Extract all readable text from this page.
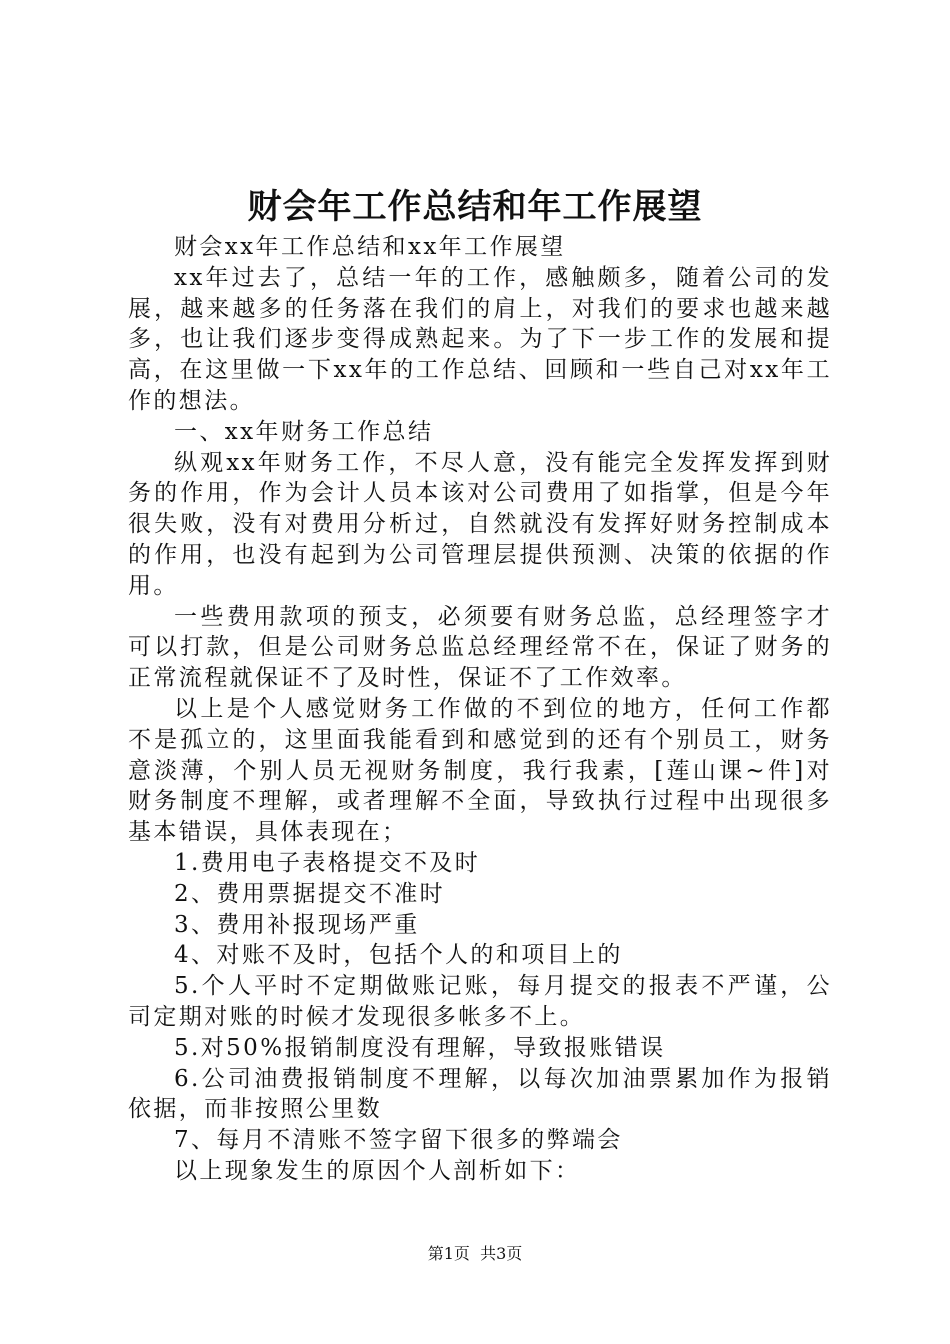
财会年工作总结和年工作展望

财会xx年工作总结和xx年工作展望

xx年过去了，总结一年的工作，感触颇多，随着公司的发展，越来越多的任务落在我们的肩上，对我们的要求也越来越多，也让我们逐步变得成熟起来。为了下一步工作的发展和提高，在这里做一下xx年的工作总结、回顾和一些自己对xx年工作的想法。

一、xx年财务工作总结

纵观xx年财务工作，不尽人意，没有能完全发挥发挥到财务的作用，作为会计人员本该对公司费用了如指掌，但是今年很失败，没有对费用分析过，自然就没有发挥好财务控制成本的作用，也没有起到为公司管理层提供预测、决策的依据的作用。

一些费用款项的预支，必须要有财务总监，总经理签字才可以打款，但是公司财务总监总经理经常不在，保证了财务的正常流程就保证不了及时性，保证不了工作效率。

以上是个人感觉财务工作做的不到位的地方，任何工作都不是孤立的，这里面我能看到和感觉到的还有个别员工，财务意淡薄，个别人员无视财务制度，我行我素，[莲山课~件]对财务制度不理解，或者理解不全面，导致执行过程中出现很多基本错误，具体表现在；

1.费用电子表格提交不及时

2、费用票据提交不准时

3、费用补报现场严重

4、对账不及时，包括个人的和项目上的

5.个人平时不定期做账记账，每月提交的报表不严谨，公司定期对账的时候才发现很多帐多不上。

5.对50%报销制度没有理解，导致报账错误

6.公司油费报销制度不理解，以每次加油票累加作为报销依据，而非按照公里数

7、每月不清账不签字留下很多的弊端会

以上现象发生的原因个人剖析如下：

第1页  共3页
